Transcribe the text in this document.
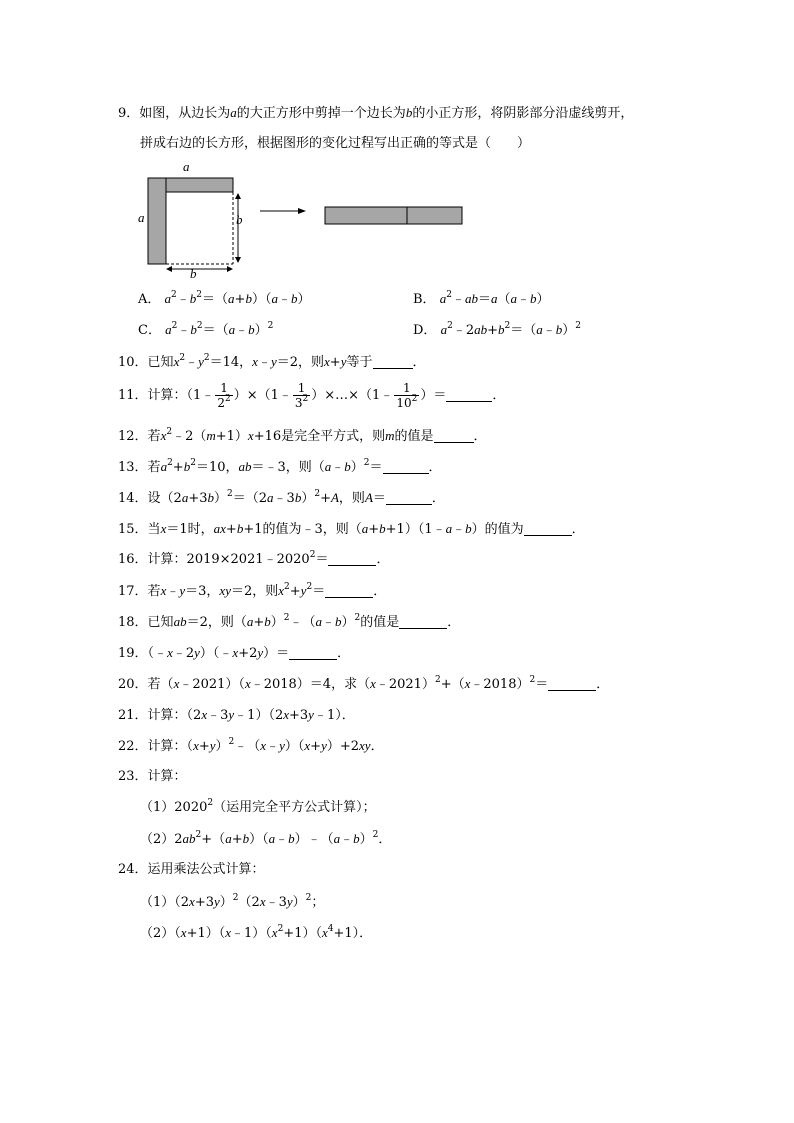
9．如图，从边长为a的大正方形中剪掉一个边长为b的小正方形，将阴影部分沿虚线剪开，
拼成右边的长方形，根据图形的变化过程写出正确的等式是（　　）
a
a	b
b
A． $a^2﹣b^2=(a+b)(a﹣b)$	B． $a^2﹣ab=a(a﹣b)$
C． $a^2﹣b^2=(a﹣b)^2$	D． $a^2﹣2ab+b^2=(a﹣b)^2$
10．已知$x^2﹣y^2=14$，x﹣y＝2，则x+y等于	．
11．计算：（1﹣ $\frac{1}{2^2}$ ）×（1﹣ $\frac{1}{3^2}$ ）×…×（1﹣ $\frac{1}{10^2}$ ）＝	．
12．若$x^2﹣2(m+1)x+16$是完全平方式，则m的值是	．
13．若$a^2+b^2=10$，ab＝﹣3，则（a﹣b）$^2$＝	．
14．设$(2a+3b)^2=(2a﹣3b)^2+A$，则A＝	．
15．当x＝1时，ax+b+1的值为﹣3，则（a+b+1）（1﹣a﹣b）的值为	．
16．计算：$2019\times 2021﹣2020^2=$	．
17．若x﹣y＝3，xy＝2，则$x^2+y^2=$	．
18．已知ab＝2，则$(a+b)^2﹣(a﹣b)^2$的值是	．
19．（﹣x﹣2y）（﹣x+2y）＝	．
20．若（x﹣2021）（x﹣2018）＝4，求（x﹣2021）$^2$+（x﹣2018）$^2$＝	．
21．计算：（2x﹣3y﹣1）（2x+3y﹣1）．
22．计算：$(x+y)^2﹣(x﹣y)(x+y)+2xy$．
23．计算：
（1）2020$^2$（运用完全平方公式计算）；
$(2)2ab^2+(a+b)(a﹣b)﹣(a﹣b)^2$．
24．运用乘法公式计算：
$(1)(2x+3y)^2(2x﹣3y)^2$；
$(2)(x+1)(x﹣1)(x^2+1)(x^4+1)$．
